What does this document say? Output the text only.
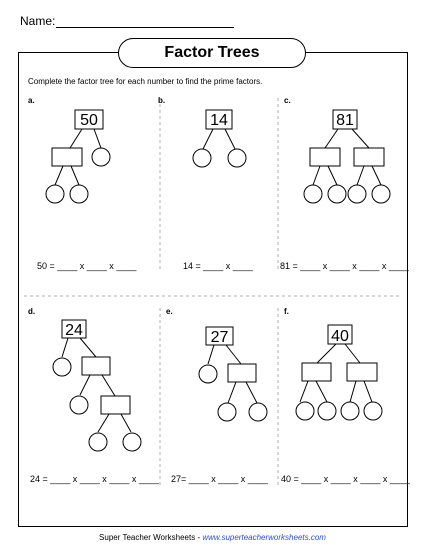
Name:
Factor Trees
Complete the factor tree for each number to find the prime factors.
a.	b.	c.
d.	e.	f.
50	14	81
24	27	40
50 = ____ x ____ x ____	14 = ____ x ____	81 = ____ x ____ x ____ x ____
24 = ____ x ____ x ____ x ____ 27= ____ x ____ x ____ 40 = ____ x ____ x ____ x ____
Super Teacher Worksheets - www.superteacherworksheets.com
